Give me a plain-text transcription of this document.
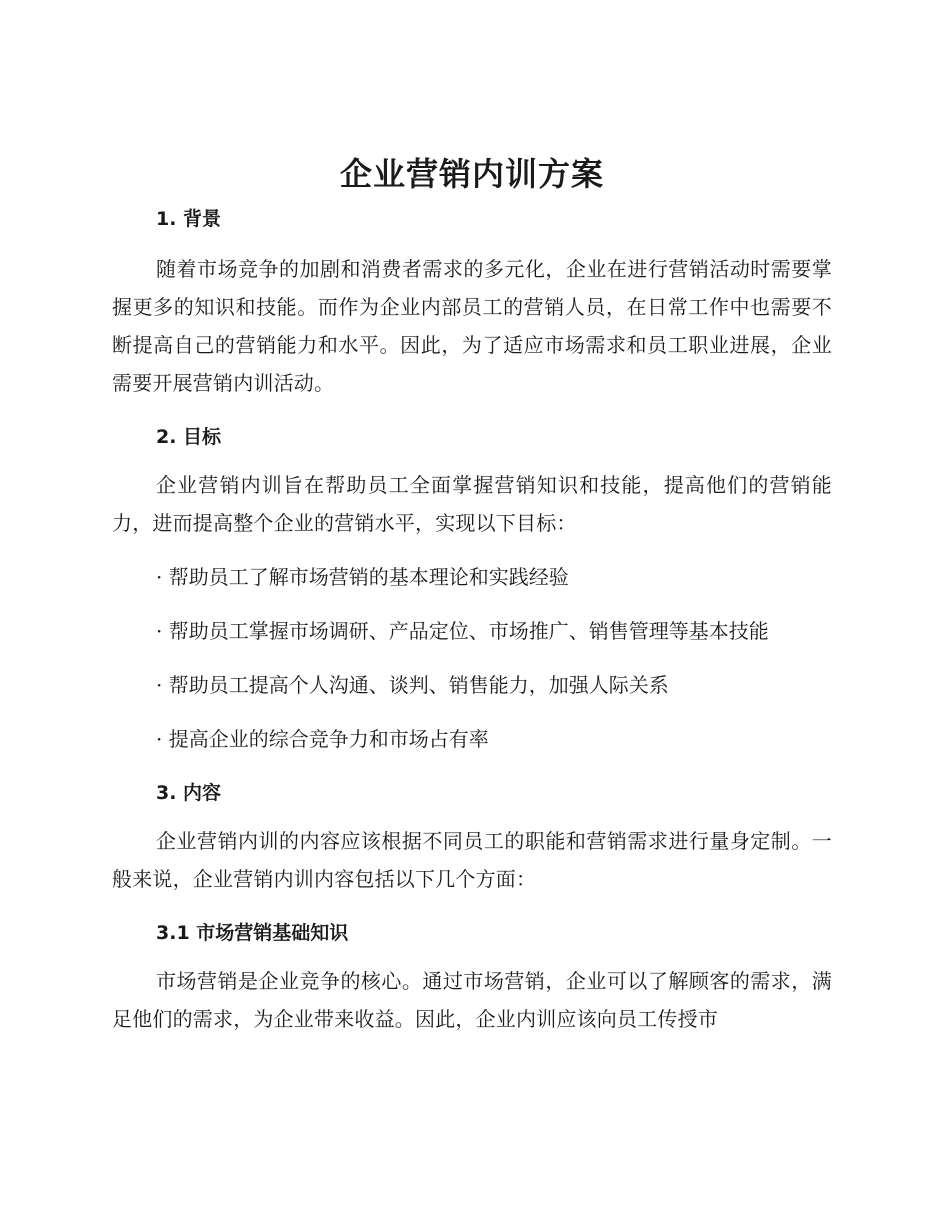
企业营销内训方案
1. 背景

随着市场竞争的加剧和消费者需求的多元化，企业在进行营销活动时需要掌握更多的知识和技能。而作为企业内部员工的营销人员，在日常工作中也需要不断提高自己的营销能力和水平。因此，为了适应市场需求和员工职业进展，企业需要开展营销内训活动。

2. 目标

企业营销内训旨在帮助员工全面掌握营销知识和技能，提高他们的营销能力，进而提高整个企业的营销水平，实现以下目标：

· 帮助员工了解市场营销的基本理论和实践经验

· 帮助员工掌握市场调研、产品定位、市场推广、销售管理等基本技能

· 帮助员工提高个人沟通、谈判、销售能力，加强人际关系

· 提高企业的综合竞争力和市场占有率

3. 内容

企业营销内训的内容应该根据不同员工的职能和营销需求进行量身定制。一般来说，企业营销内训内容包括以下几个方面：

3.1 市场营销基础知识

市场营销是企业竞争的核心。通过市场营销，企业可以了解顾客的需求，满足他们的需求，为企业带来收益。因此，企业内训应该向员工传授市
